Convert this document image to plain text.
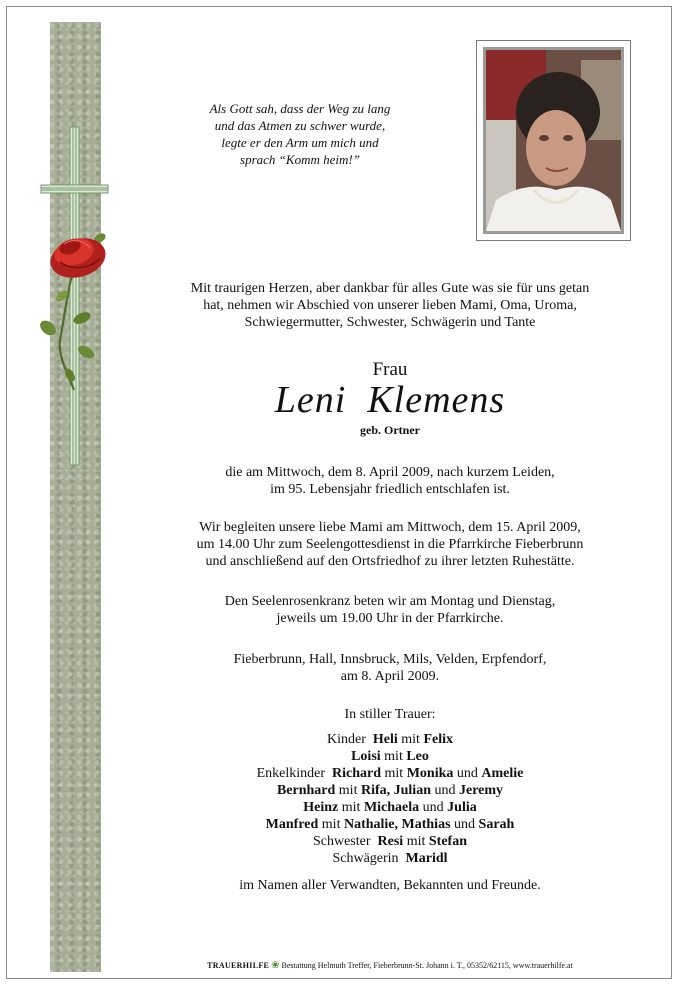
Als Gott sah, dass der Weg zu lang
und das Atmen zu schwer wurde,
legte er den Arm um mich und
sprach “Komm heim!”
Mit traurigen Herzen, aber dankbar für alles Gute was sie für uns getan
hat, nehmen wir Abschied von unserer lieben Mami, Oma, Uroma,
Schwiegermutter, Schwester, Schwägerin und Tante
Frau
Leni  Klemens
geb. Ortner
die am Mittwoch, dem 8. April 2009, nach kurzem Leiden,
im 95. Lebensjahr friedlich entschlafen ist.
Wir begleiten unsere liebe Mami am Mittwoch, dem 15. April 2009,
um 14.00 Uhr zum Seelengottesdienst in die Pfarrkirche Fieberbrunn
und anschließend auf den Ortsfriedhof zu ihrer letzten Ruhestätte.
Den Seelenrosenkranz beten wir am Montag und Dienstag,
jeweils um 19.00 Uhr in der Pfarrkirche.
Fieberbrunn, Hall, Innsbruck, Mils, Velden, Erpfendorf,
am 8. April 2009.
In stiller Trauer:
Kinder  Heli mit Felix
Loisi mit Leo
Enkelkinder  Richard mit Monika und Amelie
Bernhard mit Rifa, Julian und Jeremy
Heinz mit Michaela und Julia
Manfred mit Nathalie, Mathias und Sarah
Schwester  Resi mit Stefan
Schwägerin  Maridl
im Namen aller Verwandten, Bekannten und Freunde.
TRAUERHILFE ❀ Bestattung Helmuth Treffer, Fieberbrunn-St. Johann i. T., 05352/62115, www.trauerhilfe.at
